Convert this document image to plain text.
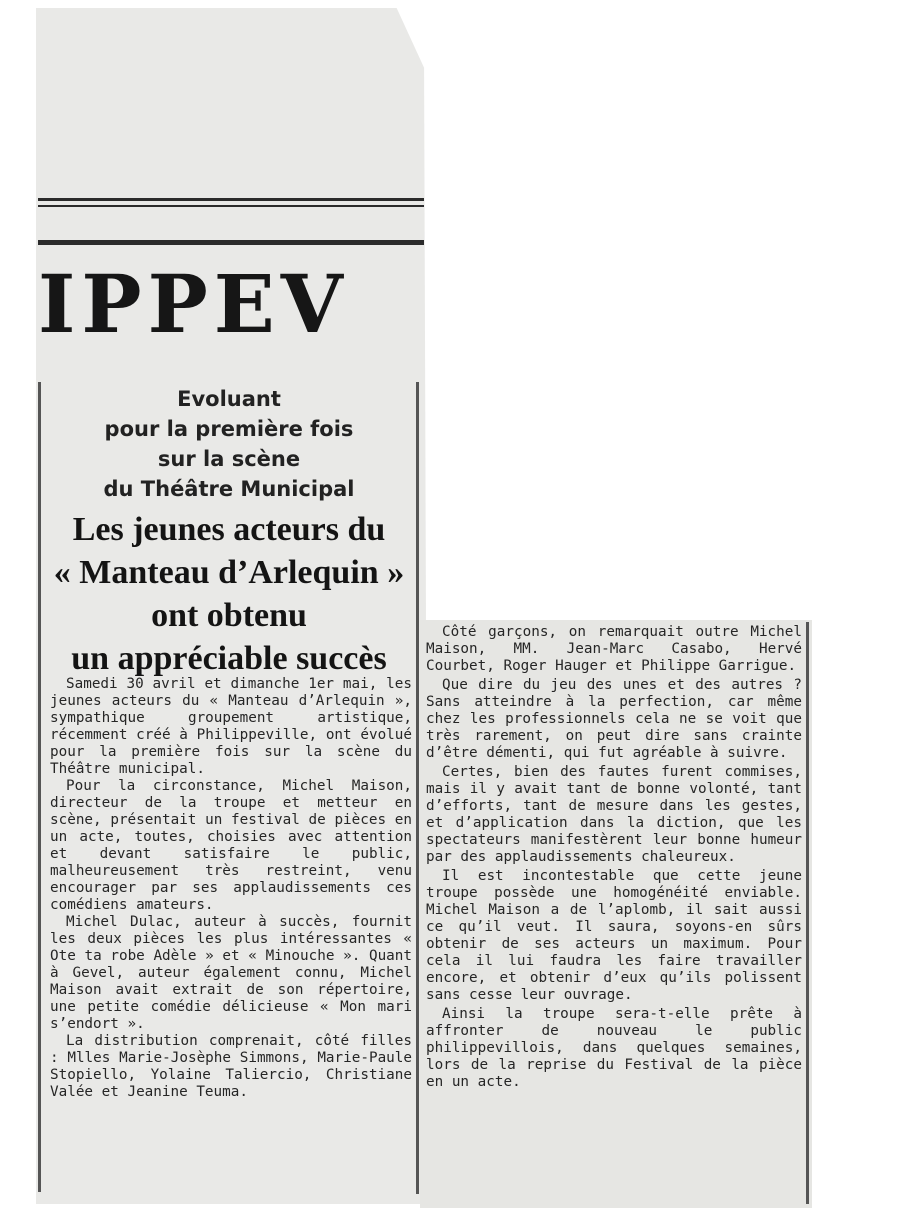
IPPEV
Evoluant
pour la première fois
sur la scène
du Théâtre Municipal
Les jeunes acteurs du
« Manteau d’Arlequin »
ont obtenu
un appréciable succès

Samedi 30 avril et dimanche 1er mai, les jeunes acteurs du « Manteau d’Arlequin », sympathique groupement artistique, récemment créé à Philippeville, ont évolué pour la première fois sur la scène du Théâtre municipal.

Pour la circonstance, Michel Maison, directeur de la troupe et metteur en scène, présentait un festival de pièces en un acte, toutes, choisies avec attention et devant satisfaire le public, malheureusement très restreint, venu encourager par ses applaudissements ces comédiens amateurs.

Michel Dulac, auteur à succès, fournit les deux pièces les plus intéressantes « Ote ta robe Adèle » et « Minouche ». Quant à Gevel, auteur également connu, Michel Maison avait extrait de son répertoire, une petite comédie délicieuse « Mon mari s’endort ».

La distribution comprenait, côté filles : Mlles Marie-Josèphe Simmons, Marie-Paule Stopiello, Yolaine Taliercio, Christiane Valée et Jeanine Teuma.

Côté garçons, on remarquait outre Michel Maison, MM. Jean-Marc Casabo, Hervé Courbet, Roger Hauger et Philippe Garrigue.

Que dire du jeu des unes et des autres ? Sans atteindre à la perfection, car même chez les professionnels cela ne se voit que très rarement, on peut dire sans crainte d’être démenti, qui fut agréable à suivre.

Certes, bien des fautes furent commises, mais il y avait tant de bonne volonté, tant d’efforts, tant de mesure dans les gestes, et d’application dans la diction, que les spectateurs manifestèrent leur bonne humeur par des applaudissements chaleureux.

Il est incontestable que cette jeune troupe possède une homogénéité enviable. Michel Maison a de l’aplomb, il sait aussi ce qu’il veut. Il saura, soyons-en sûrs obtenir de ses acteurs un maximum. Pour cela il lui faudra les faire travailler encore, et obtenir d’eux qu’ils polissent sans cesse leur ouvrage.

Ainsi la troupe sera-t-elle prête à affronter de nouveau le public philippevillois, dans quelques semaines, lors de la reprise du Festival de la pièce en un acte.
